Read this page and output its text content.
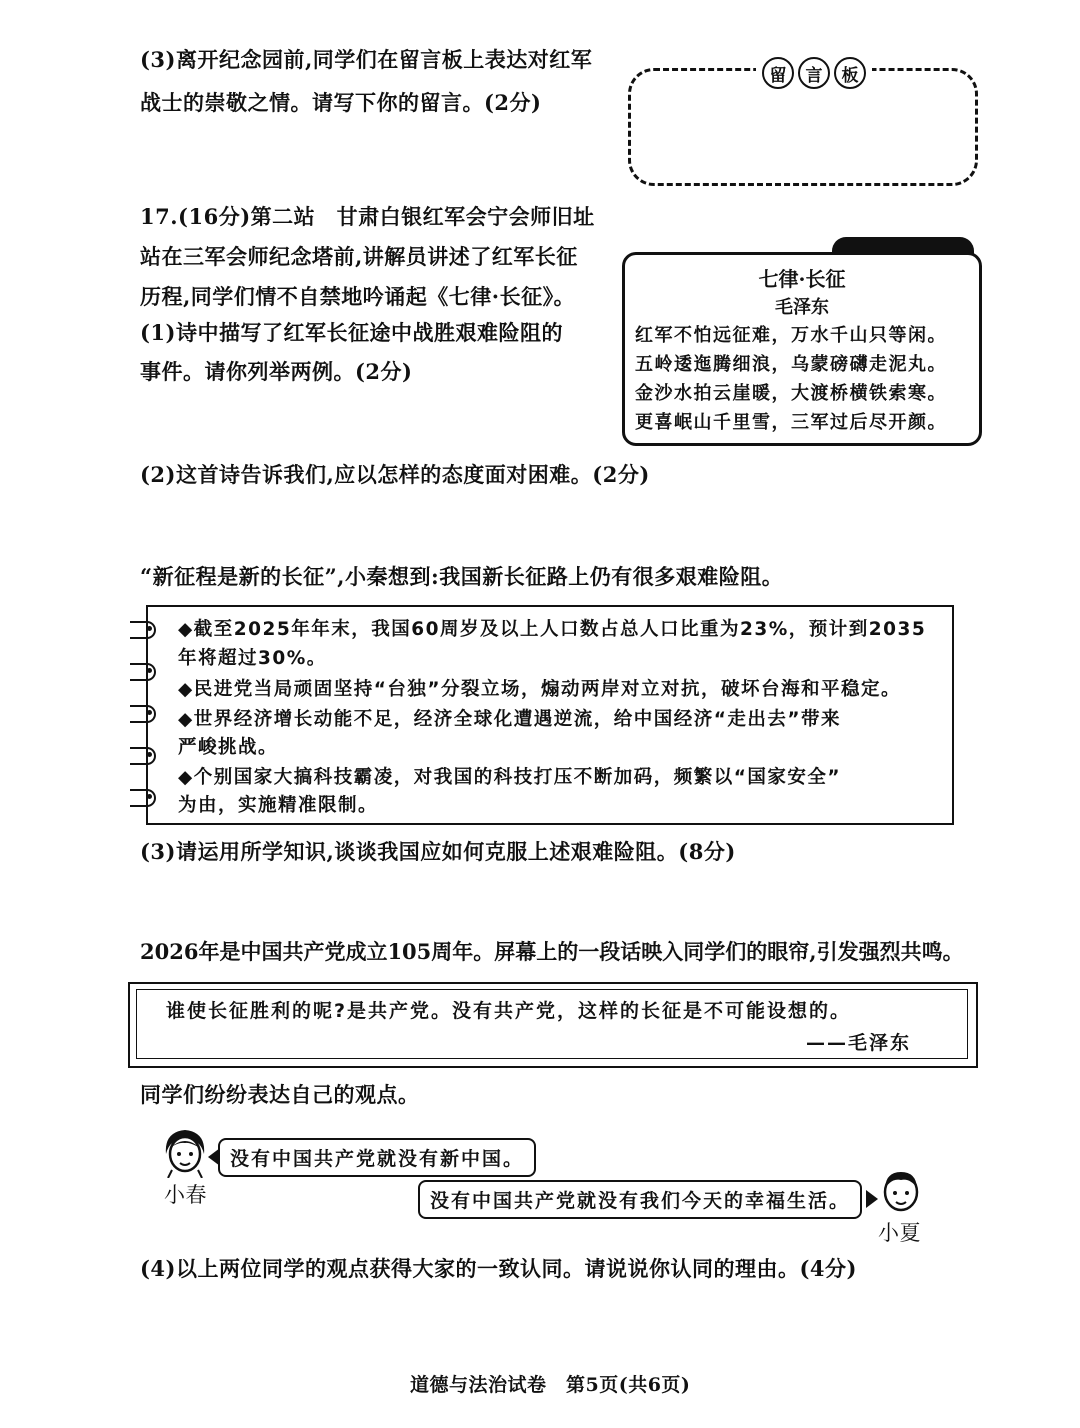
(3)离开纪念园前,同学们在留言板上表达对红军
战士的崇敬之情。请写下你的留言。(2分)
留	言	板
17.(16分)第二站　甘肃白银红军会宁会师旧址
站在三军会师纪念塔前,讲解员讲述了红军长征
历程,同学们情不自禁地吟诵起《七律·长征》。
(1)诗中描写了红军长征途中战胜艰难险阻的
事件。请你列举两例。(2分)
七律·长征
毛泽东
红军不怕远征难，万水千山只等闲。
五岭逶迤腾细浪，乌蒙磅礴走泥丸。
金沙水拍云崖暖，大渡桥横铁索寒。
更喜岷山千里雪，三军过后尽开颜。
(2)这首诗告诉我们,应以怎样的态度面对困难。(2分)
“新征程是新的长征”,小秦想到:我国新长征路上仍有很多艰难险阻。
◆截至2025年年末，我国60周岁及以上人口数占总人口比重为23%，预计到2035
年将超过30%。
◆民进党当局顽固坚持“台独”分裂立场，煽动两岸对立对抗，破坏台海和平稳定。
◆世界经济增长动能不足，经济全球化遭遇逆流，给中国经济“走出去”带来
严峻挑战。
◆个别国家大搞科技霸凌，对我国的科技打压不断加码，频繁以“国家安全”
为由，实施精准限制。
(3)请运用所学知识,谈谈我国应如何克服上述艰难险阻。(8分)
2026年是中国共产党成立105周年。屏幕上的一段话映入同学们的眼帘,引发强烈共鸣。
谁使长征胜利的呢?是共产党。没有共产党，这样的长征是不可能设想的。
——毛泽东
同学们纷纷表达自己的观点。
小春
没有中国共产党就没有新中国。
没有中国共产党就没有我们今天的幸福生活。
小夏
(4)以上两位同学的观点获得大家的一致认同。请说说你认同的理由。(4分)
道德与法治试卷　第5页(共6页)
